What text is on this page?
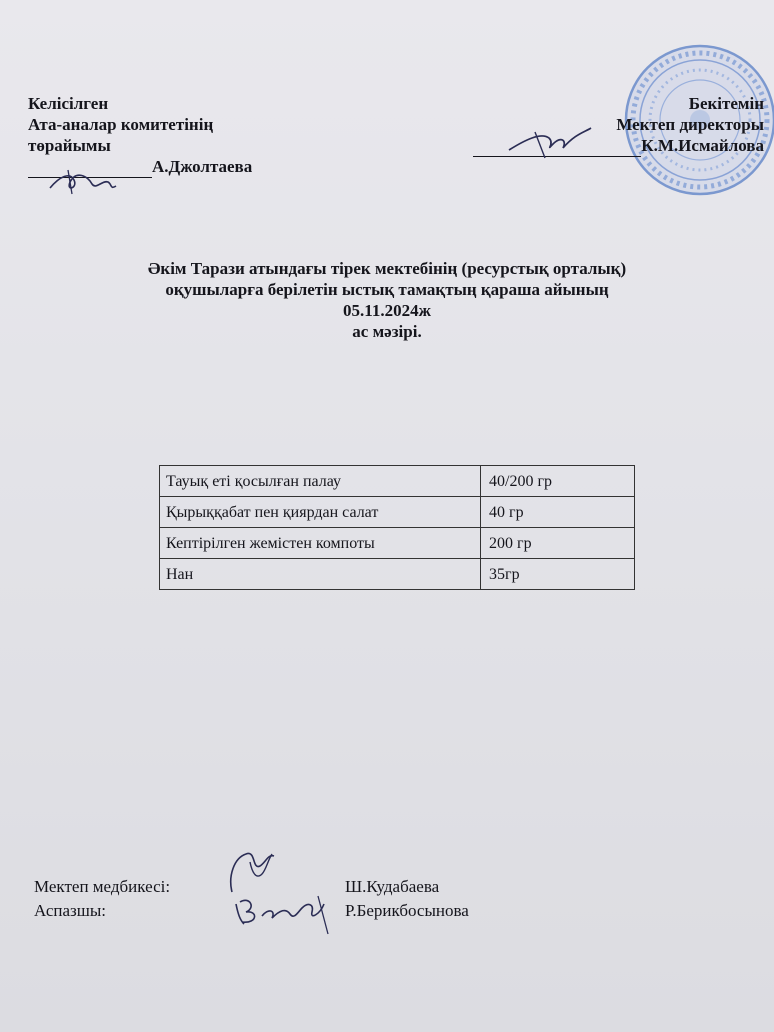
Келісілген
Ата-аналар комитетінің
төрайымы
А.Джолтаева
Бекітемін
Мектеп директоры
К.М.Исмайлова
Әкім Тарази атындағы тірек мектебінің (ресурстық орталық)
оқушыларға берілетін ыстық тамақтың қараша айының
05.11.2024ж
ас мәзірі.
Тауық еті қосылған палау	40/200 гр
Қырыққабат пен қиярдан салат	40 гр
Кептірілген жемістен компоты	200 гр
Нан	35гр
Мектеп медбикесі:	Ш.Кудабаева
Аспазшы:	Р.Берикбосынова
